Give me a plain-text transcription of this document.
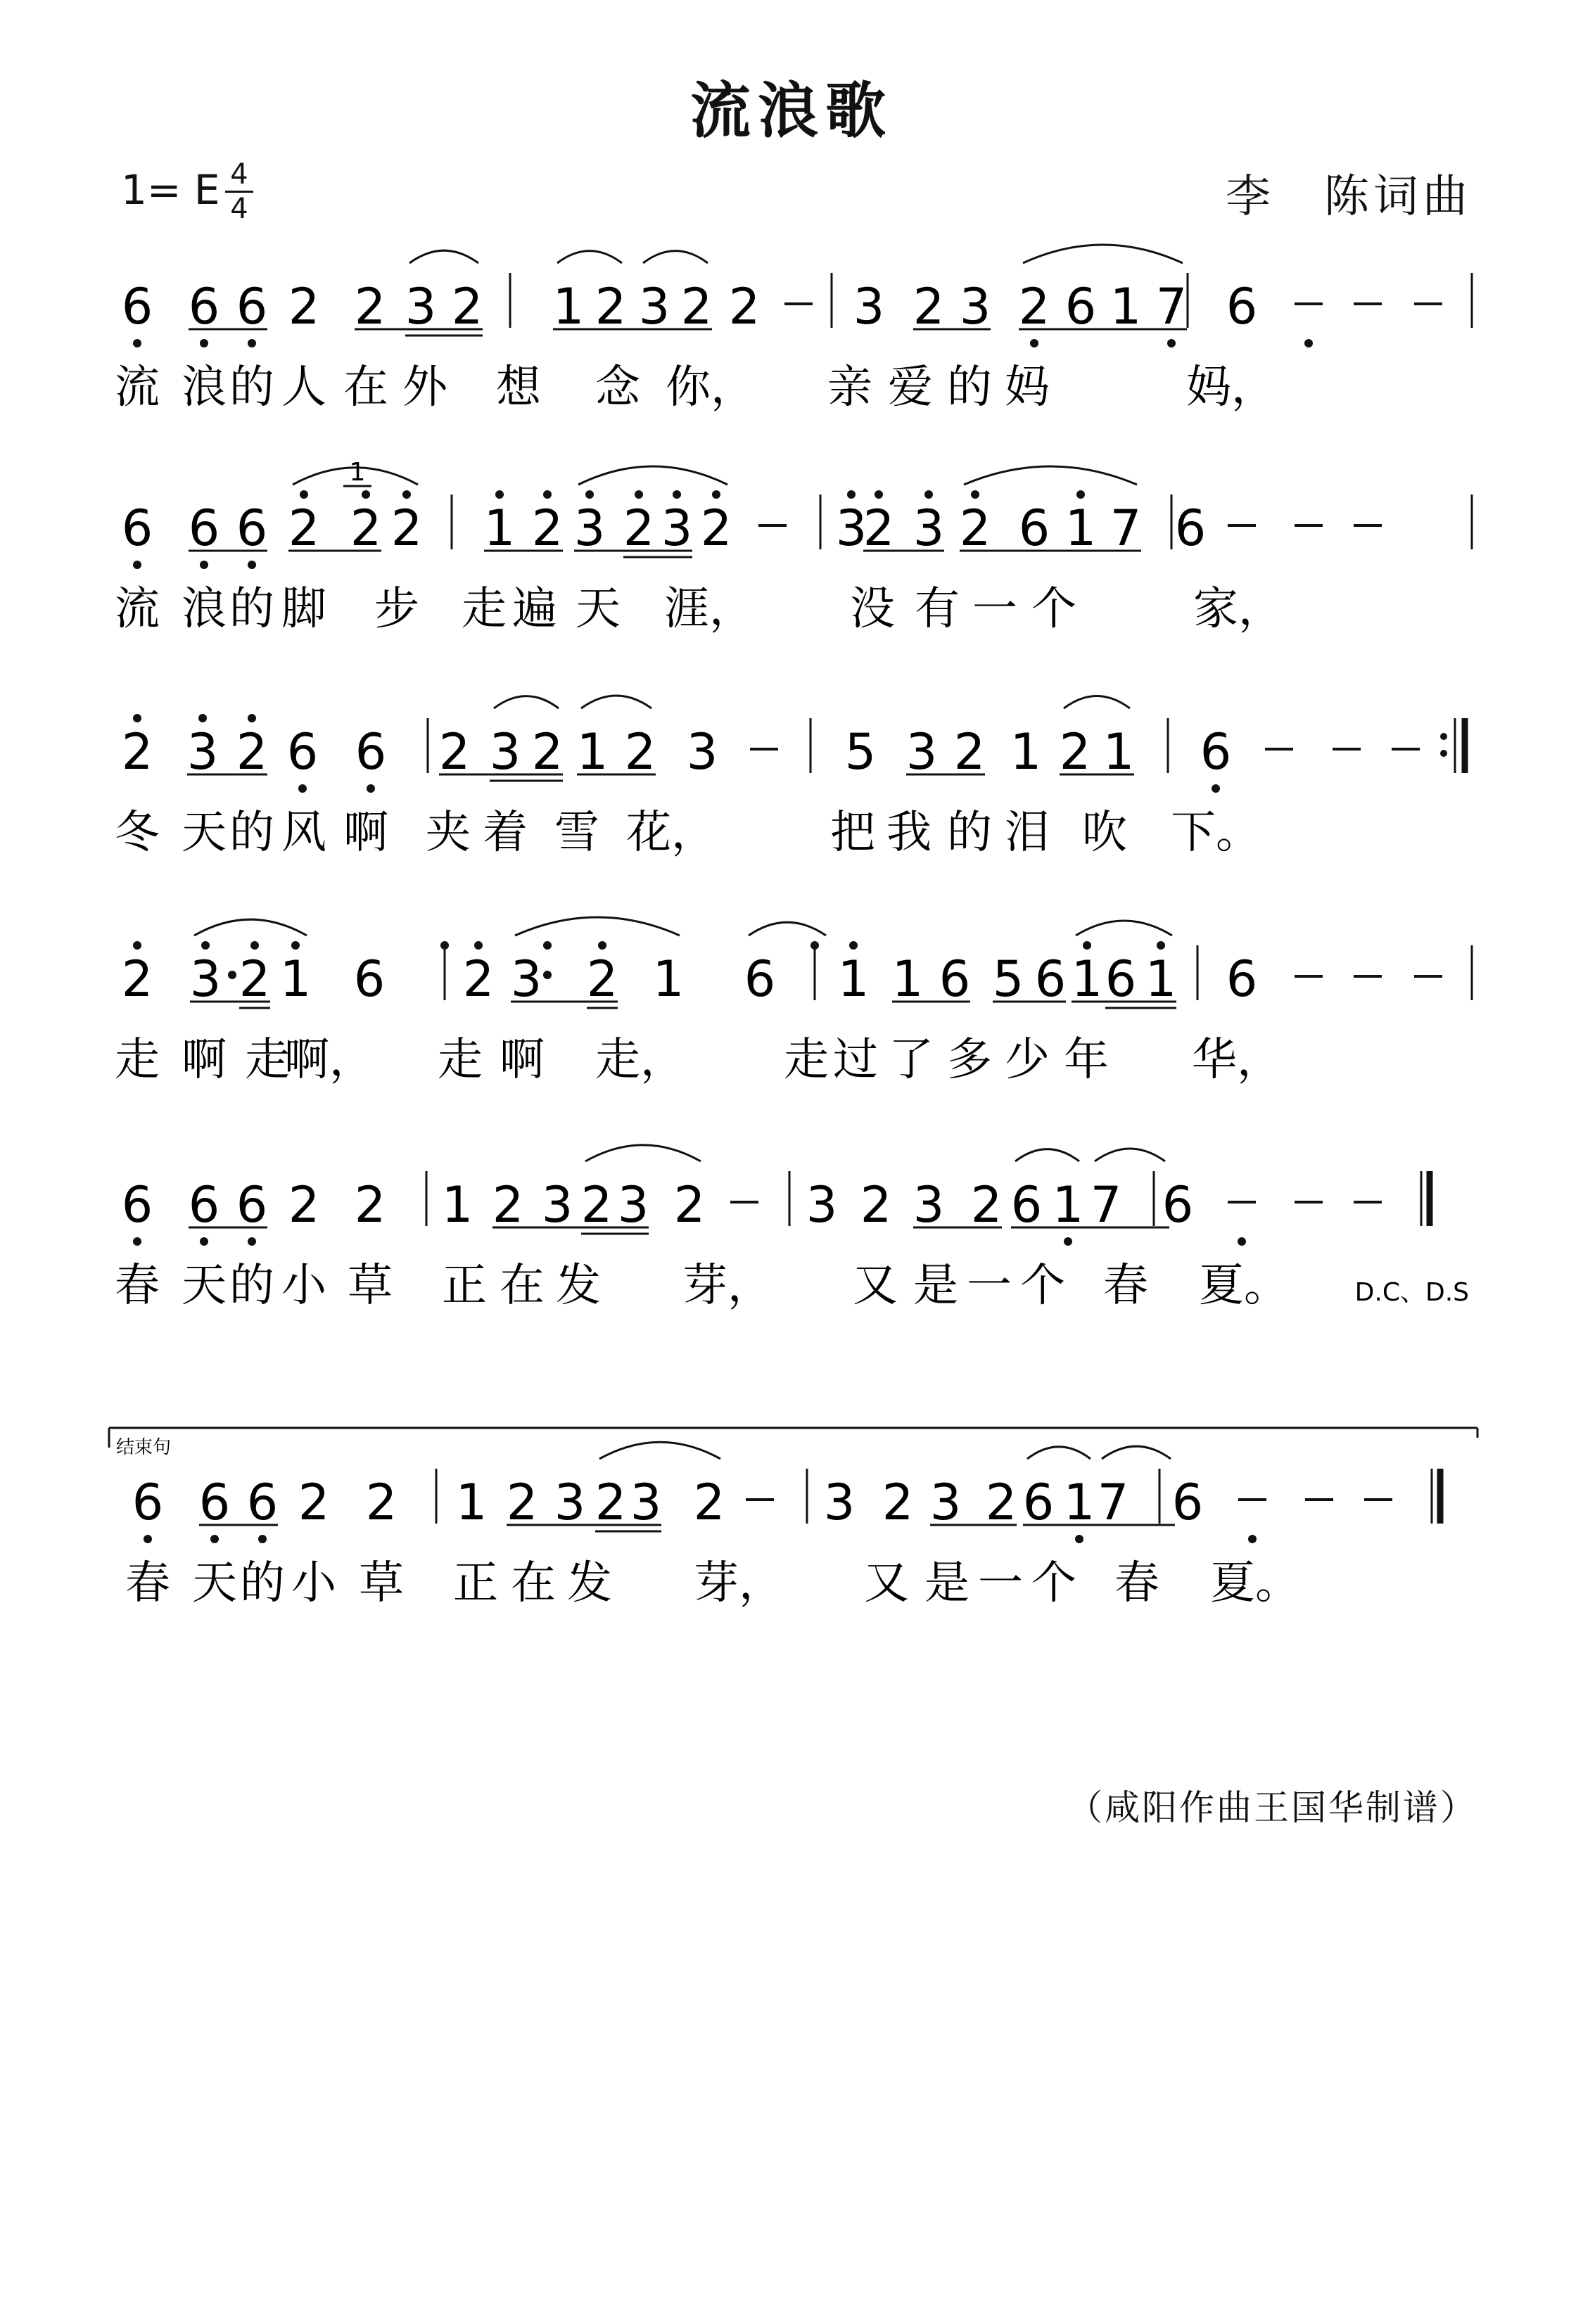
流浪歌
1= E 4
4	李　陈词曲
6 6 6 2 2 3 2 1 2 3 2 2 3 2 3 2 6 1 7 6
流 浪 的 人 在 外 想 念 你， 亲 爱 的 妈	妈，
6 6 6 2 2 2 1 2 3 2 3 2 3
2 3 2 6 1 7 6
流 浪 的 脚 步 走 遍 天 涯， 没 有 一 个	家，
2 3 2 6 6 2 3 2 1 2 3	5 3 2 1 2 1 6
冬 天 的 风 啊 夹 着 雪 花，	把 我 的 泪 吹 下。
2 3 2 1 6 2 3 2 1 6 1 1 6 5 6 1 6 1 6
走 啊 走
啊， 走 啊 走， 走 过 了 多 少 年 华，
6 6 6 2 2 1 2 3 2 3 2 3 2 3 2 6 1 7 6
春 天 的 小 草 正 在 发 芽， 又 是 一 个 春 夏。
6 6 6 2 2 1 2 3 2 3 2 3 2 3 2 6 1 7 6
春 天 的 小 草 正 在 发 芽， 又 是 一 个 春 夏。
1
D.C、D.S
结束句
（咸阳作曲王国华制谱）
